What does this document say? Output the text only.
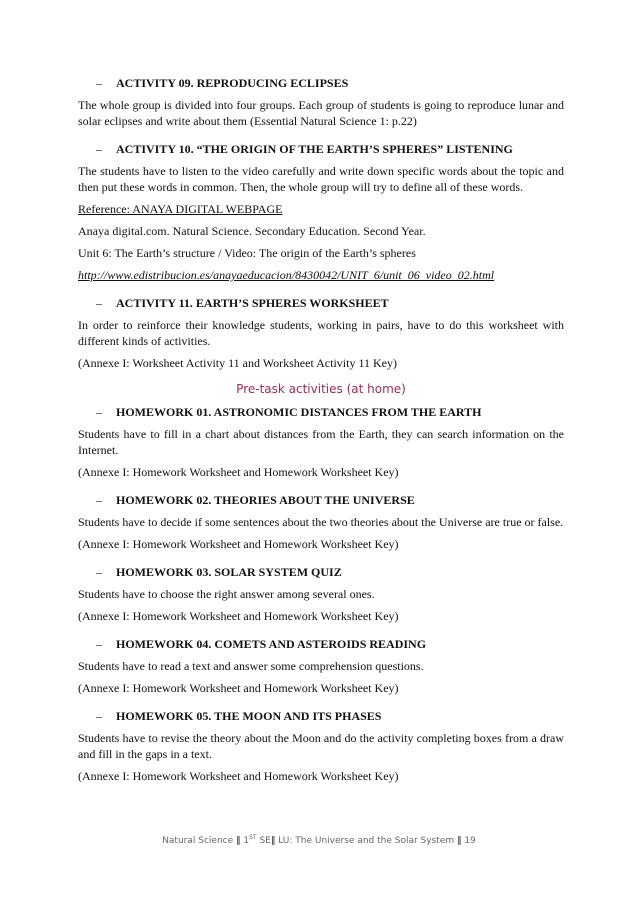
– ACTIVITY 09. REPRODUCING ECLIPSES

The whole group is divided into four groups. Each group of students is going to reproduce lunar and solar eclipses and write about them (Essential Natural Science 1: p.22)

– ACTIVITY 10. “THE ORIGIN OF THE EARTH’S SPHERES” LISTENING

The students have to listen to the video carefully and write down specific words about the topic and then put these words in common. Then, the whole group will try to define all of these words.

Reference: ANAYA DIGITAL WEBPAGE

Anaya digital.com. Natural Science. Secondary Education. Second Year.

Unit 6: The Earth’s structure / Video: The origin of the Earth’s spheres

http://www.edistribucion.es/anayaeducacion/8430042/UNIT_6/unit_06_video_02.html

– ACTIVITY 11. EARTH’S SPHERES WORKSHEET

In order to reinforce their knowledge students, working in pairs, have to do this worksheet with different kinds of activities.

(Annexe I: Worksheet Activity 11 and Worksheet Activity 11 Key)

Pre-task activities (at home)
– HOMEWORK 01. ASTRONOMIC DISTANCES FROM THE EARTH

Students have to fill in a chart about distances from the Earth, they can search information on the Internet.

(Annexe I: Homework Worksheet and Homework Worksheet Key)

– HOMEWORK 02. THEORIES ABOUT THE UNIVERSE

Students have to decide if some sentences about the two theories about the Universe are true or false.

(Annexe I: Homework Worksheet and Homework Worksheet Key)

– HOMEWORK 03. SOLAR SYSTEM QUIZ

Students have to choose the right answer among several ones.

(Annexe I: Homework Worksheet and Homework Worksheet Key)

– HOMEWORK 04. COMETS AND ASTEROIDS READING

Students have to read a text and answer some comprehension questions.

(Annexe I: Homework Worksheet and Homework Worksheet Key)

– HOMEWORK 05. THE MOON AND ITS PHASES

Students have to revise the theory about the Moon and do the activity completing boxes from a draw and fill in the gaps in a text.

(Annexe I: Homework Worksheet and Homework Worksheet Key)

Natural Science ‖ 1ST SE‖ LU: The Universe and the Solar System ‖ 19
